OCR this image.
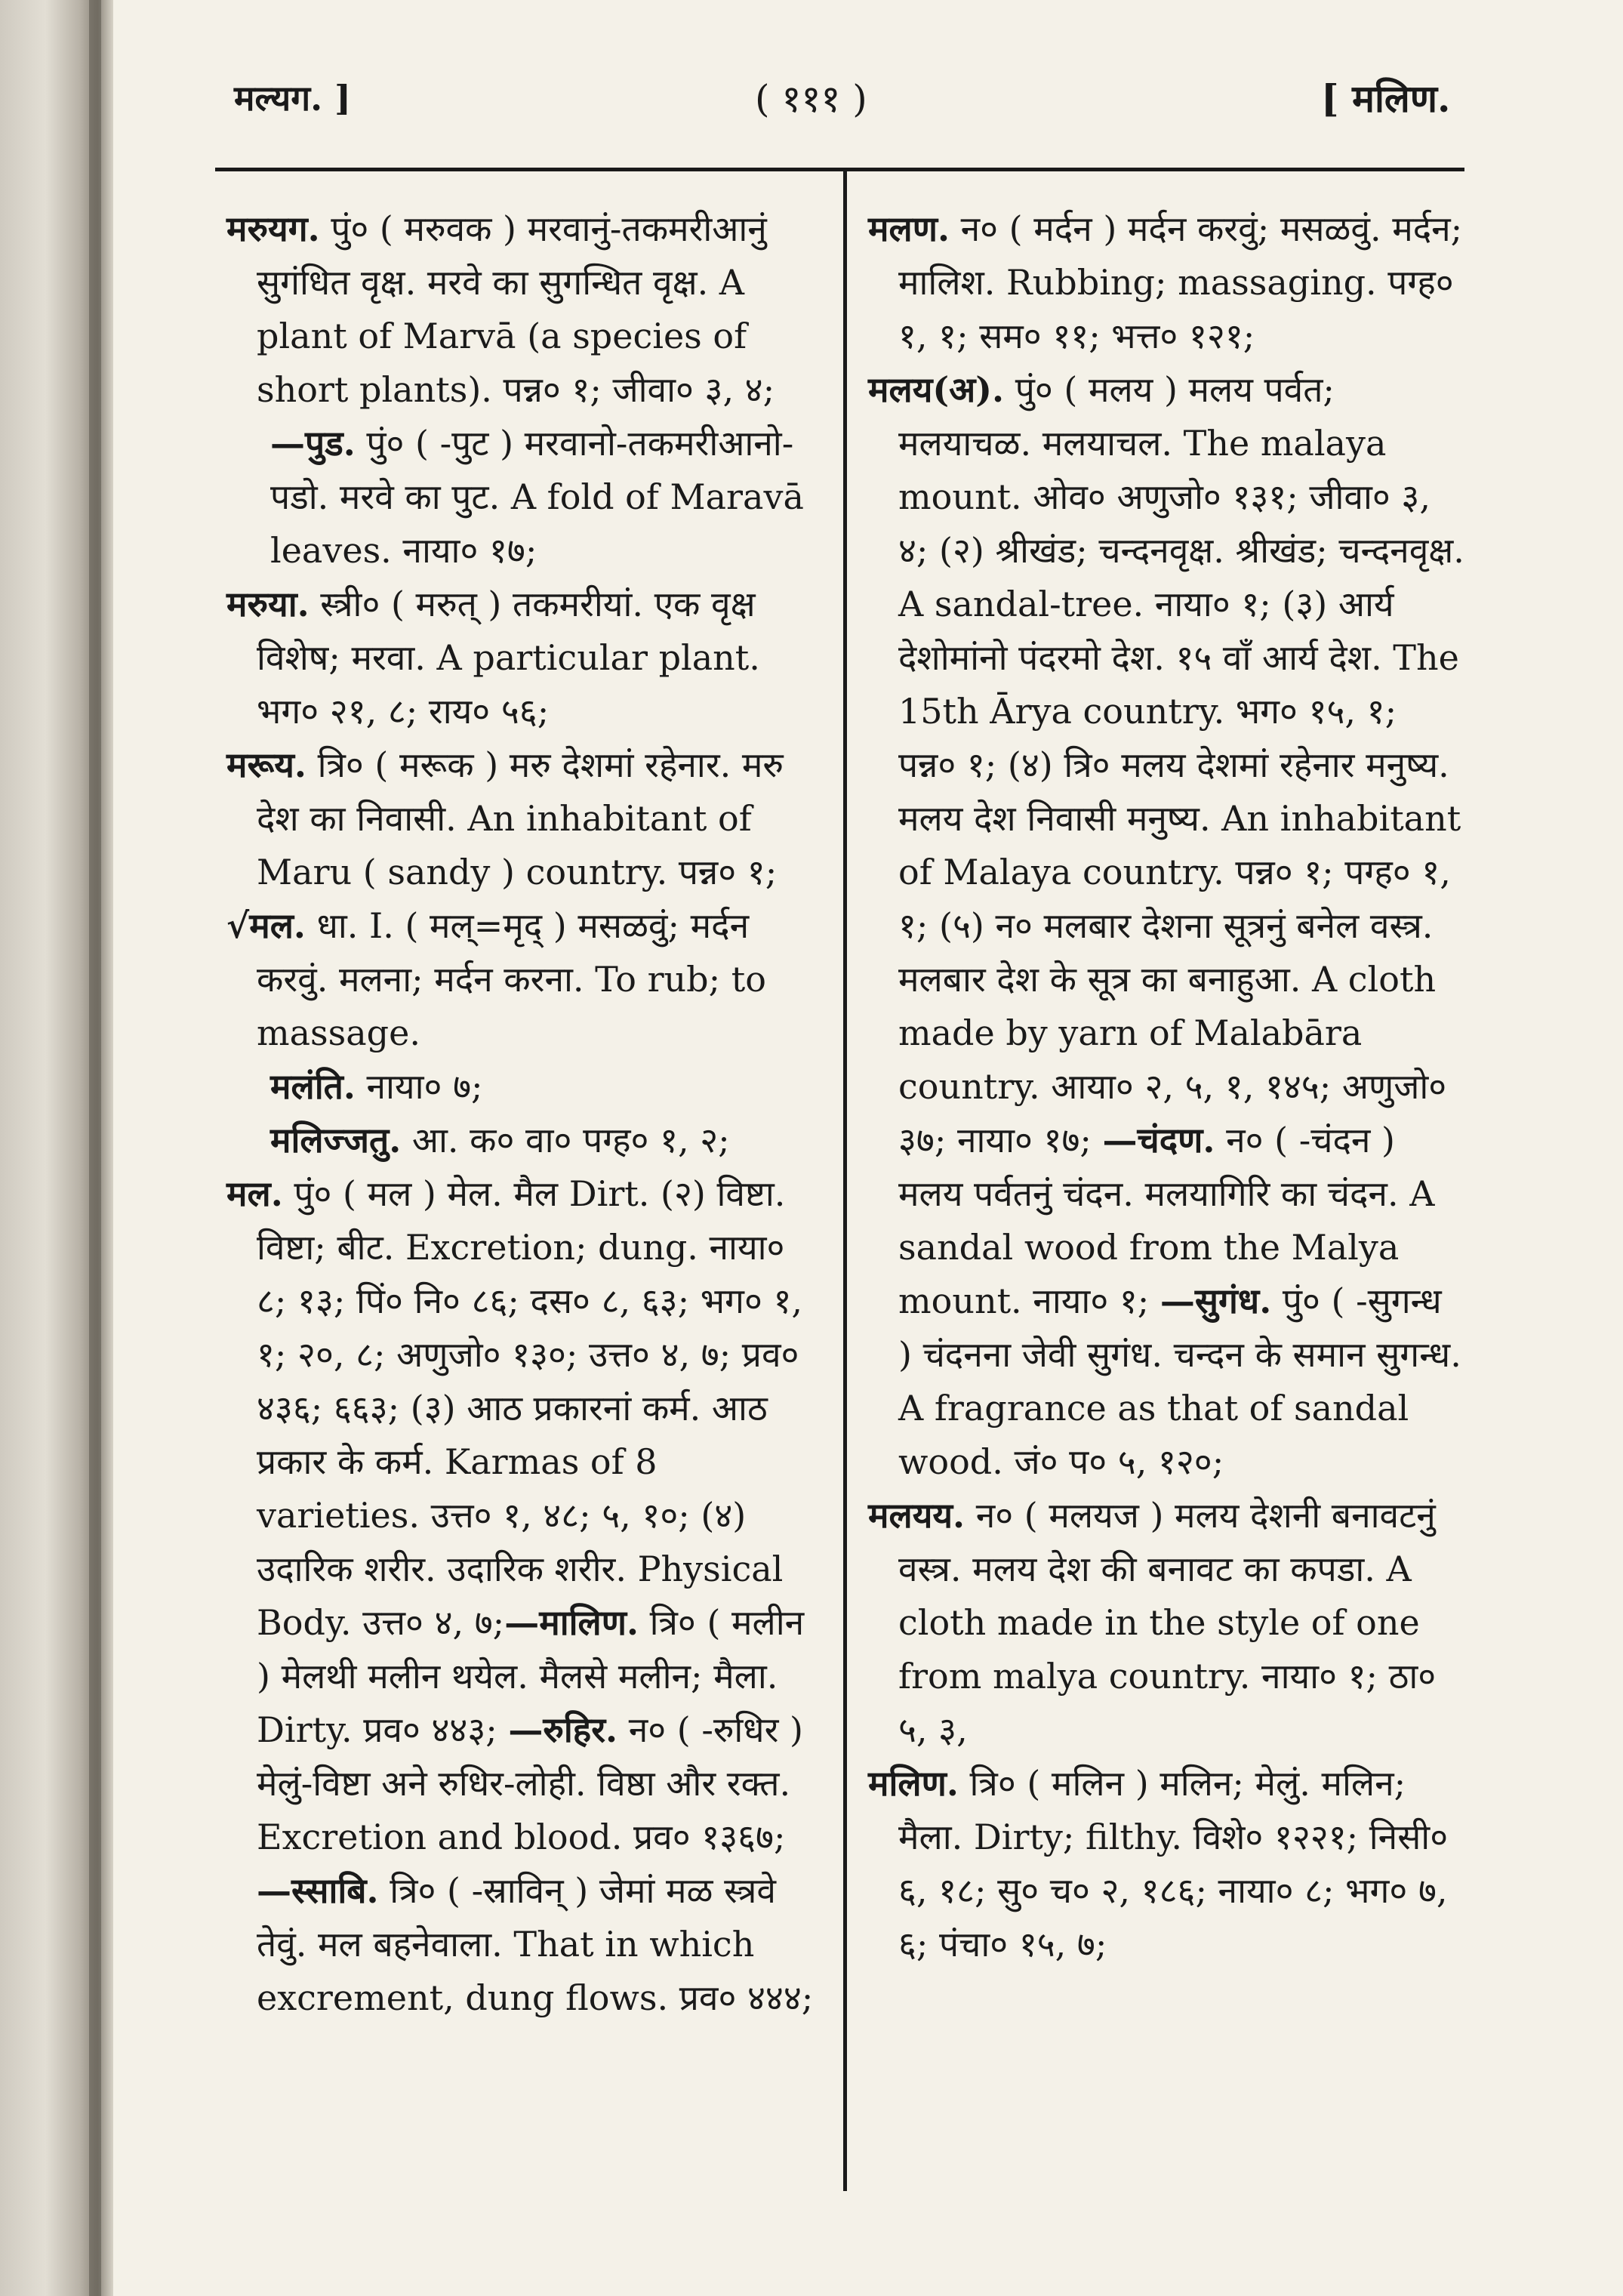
मल्यग. ]	( १११ )	[ मलिण.

मरुयग. पुं० ( मरुवक ) मरवानुं-तकमरीआनुं सुगंधित वृक्ष. मरवे का सुगन्धित वृक्ष. A plant of Marvā (a species of short plants). पन्न० १; जीवा० ३, ४;

—पुड. पुं० ( -पुट ) मरवानो-तकमरीआनो-पडो. मरवे का पुट. A fold of Maravā leaves. नाया० १७;

मरुया. स्त्री० ( मरुत् ) तकमरीयां. एक वृक्ष विशेष; मरवा. A particular plant. भग० २१, ८; राय० ५६;

मरूय. त्रि० ( मरूक ) मरु देशमां रहेनार. मरु देश का निवासी. An inhabitant of Maru ( sandy ) country. पन्न० १;

√मल. धा. I. ( मल्=मृद् ) मसळवुं; मर्दन करवुं. मलना; मर्दन करना. To rub; to massage.

मलंति. नाया० ७;

मलिज्जतु. आ. क० वा० पग्ह० १, २;

मल. पुं० ( मल ) मेल. मैल Dirt. (२) विष्टा. विष्टा; बीट. Excretion; dung. नाया० ८; १३; पिं० नि० ८६; दस० ८, ६३; भग० १, १; २०, ८; अणुजो० १३०; उत्त० ४, ७; प्रव० ४३६; ६६३; (३) आठ प्रकारनां कर्म. आठ प्रकार के कर्म. Karmas of 8 varieties. उत्त० १, ४८; ५, १०; (४) उदारिक शरीर. उदारिक शरीर. Physical Body. उत्त० ४, ७;—मालिण. त्रि० ( मलीन ) मेलथी मलीन थयेल. मैलसे मलीन; मैला. Dirty. प्रव० ४४३; —रुहिर. न० ( -रुधिर ) मेलुं-विष्टा अने रुधिर-लोही. विष्ठा और रक्त. Excretion and blood. प्रव० १३६७; —स्साबि. त्रि० ( -स्राविन् ) जेमां मळ स्त्रवे तेवुं. मल बहनेवाला. That in which excrement, dung flows. प्रव० ४४४;

मलण. न० ( मर्दन ) मर्दन करवुं; मसळवुं. मर्दन; मालिश. Rubbing; massaging. पग्ह० १, १; सम० ११; भत्त० १२१;

मलय(अ). पुं० ( मलय ) मलय पर्वत; मलयाचळ. मलयाचल. The malaya mount. ओव० अणुजो० १३१; जीवा० ३, ४; (२) श्रीखंड; चन्दनवृक्ष. श्रीखंड; चन्दनवृक्ष. A sandal-tree. नाया० १; (३) आर्य देशोमांनो पंदरमो देश. १५ वाँ आर्य देश. The 15th Ārya country. भग० १५, १; पन्न० १; (४) त्रि० मलय देशमां रहेनार मनुष्य. मलय देश निवासी मनुष्य. An inhabitant of Malaya country. पन्न० १; पग्ह० १, १; (५) न० मलबार देशना सूत्रनुं बनेल वस्त्र. मलबार देश के सूत्र का बनाहुआ. A cloth made by yarn of Malabāra country. आया० २, ५, १, १४५; अणुजो० ३७; नाया० १७; —चंदण. न० ( -चंदन ) मलय पर्वतनुं चंदन. मलयागिरि का चंदन. A sandal wood from the Malya mount. नाया० १; —सुगंध. पुं० ( -सुगन्ध ) चंदनना जेवी सुगंध. चन्दन के समान सुगन्ध. A fragrance as that of sandal wood. जं० प० ५, १२०;

मलयय. न० ( मलयज ) मलय देशनी बनावटनुं वस्त्र. मलय देश की बनावट का कपडा. A cloth made in the style of one from malya country. नाया० १; ठा० ५, ३,

मलिण. त्रि० ( मलिन ) मलिन; मेलुं. मलिन; मैला. Dirty; filthy. विशे० १२२१; निसी० ६, १८; सु० च० २, १८६; नाया० ८; भग० ७, ६; पंचा० १५, ७;
